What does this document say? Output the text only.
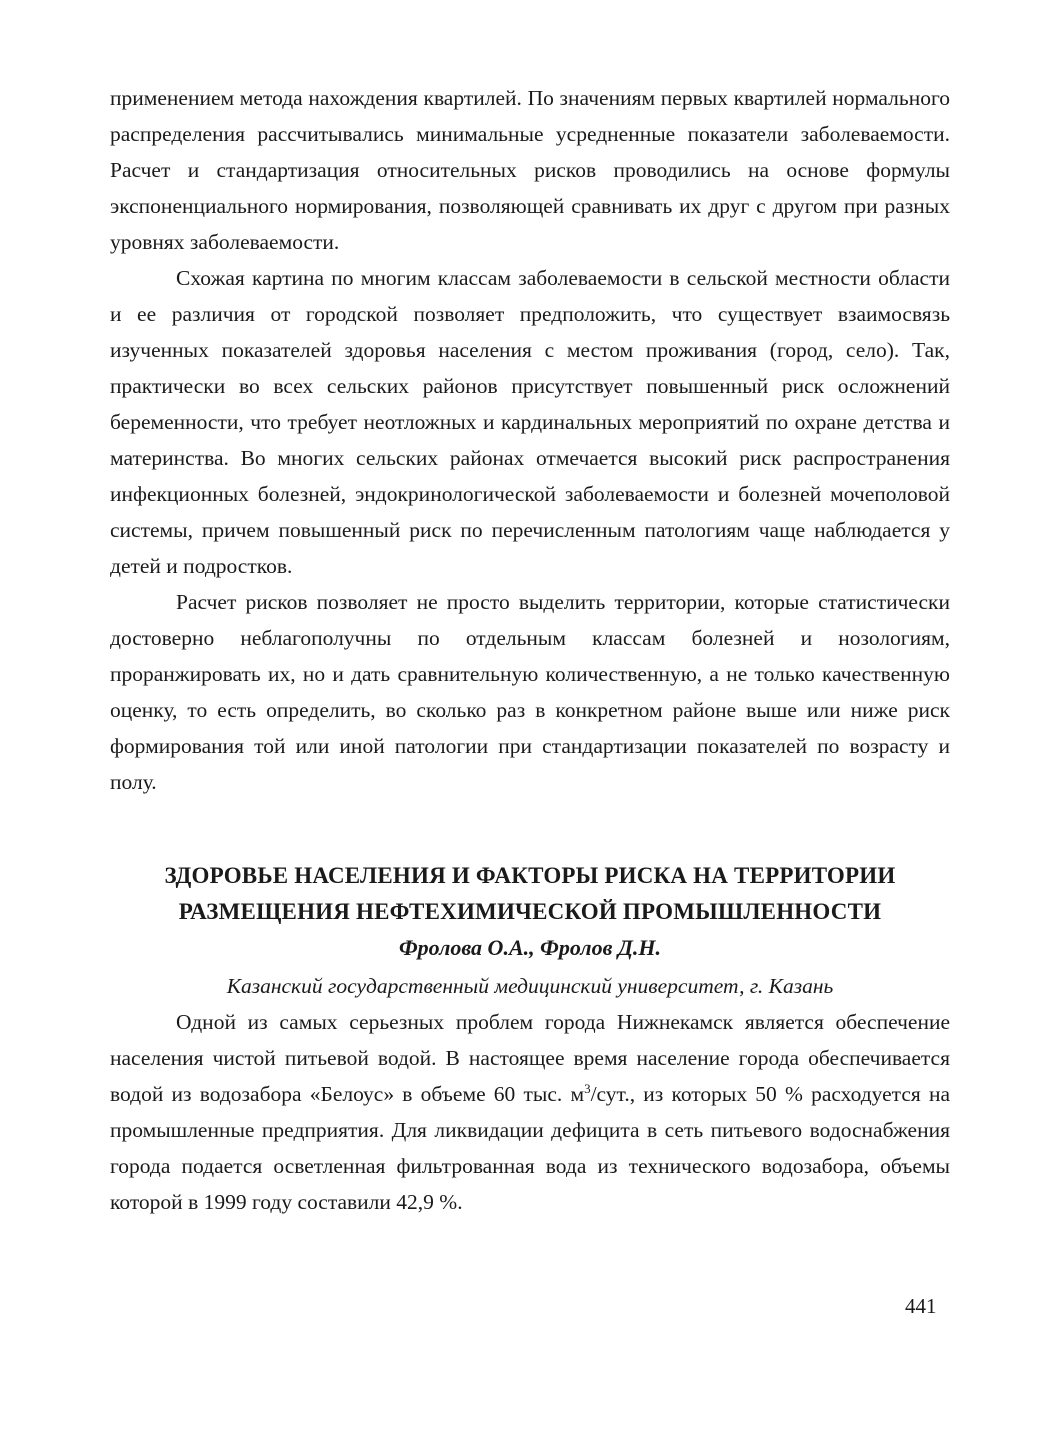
применением метода нахождения квартилей. По значениям первых квартилей нормального распределения рассчитывались минимальные усредненные показатели заболеваемости. Расчет и стандартизация относительных рисков проводились на основе формулы экспоненциального нормирования, позволяющей сравнивать их друг с другом при разных уровнях заболеваемости.

Схожая картина по многим классам заболеваемости в сельской местности области и ее различия от городской позволяет предположить, что существует взаимосвязь изученных показателей здоровья населения с местом проживания (город, село). Так, практически во всех сельских районов присутствует повышенный риск осложнений беременности, что требует неотложных и кардинальных мероприятий по охране детства и материнства. Во многих сельских районах отмечается высокий риск распространения инфекционных болезней, эндокринологической заболеваемости и болезней мочеполовой системы, причем повышенный риск по перечисленным патологиям чаще наблюдается у детей и подростков.

Расчет рисков позволяет не просто выделить территории, которые статистически достоверно неблагополучны по отдельным классам болезней и нозологиям, проранжировать их, но и дать сравнительную количественную, а не только качественную оценку, то есть определить, во сколько раз в конкретном районе выше или ниже риск формирования той или иной патологии при стандартизации показателей по возрасту и полу.

ЗДОРОВЬЕ НАСЕЛЕНИЯ И ФАКТОРЫ РИСКА НА ТЕРРИТОРИИ
РАЗМЕЩЕНИЯ НЕФТЕХИМИЧЕСКОЙ ПРОМЫШЛЕННОСТИ
Фролова О.А., Фролов Д.Н.
Казанский государственный медицинский университет, г. Казань

Одной из самых серьезных проблем города Нижнекамск является обеспечение населения чистой питьевой водой. В настоящее время население города обеспечивается водой из водозабора «Белоус» в объеме 60 тыс. $м^3$/сут., из которых 50 % расходуется на промышленные предприятия. Для ликвидации дефицита в сеть питьевого водоснабжения города подается осветленная фильтрованная вода из технического водозабора, объемы которой в 1999 году составили 42,9 %.

441
